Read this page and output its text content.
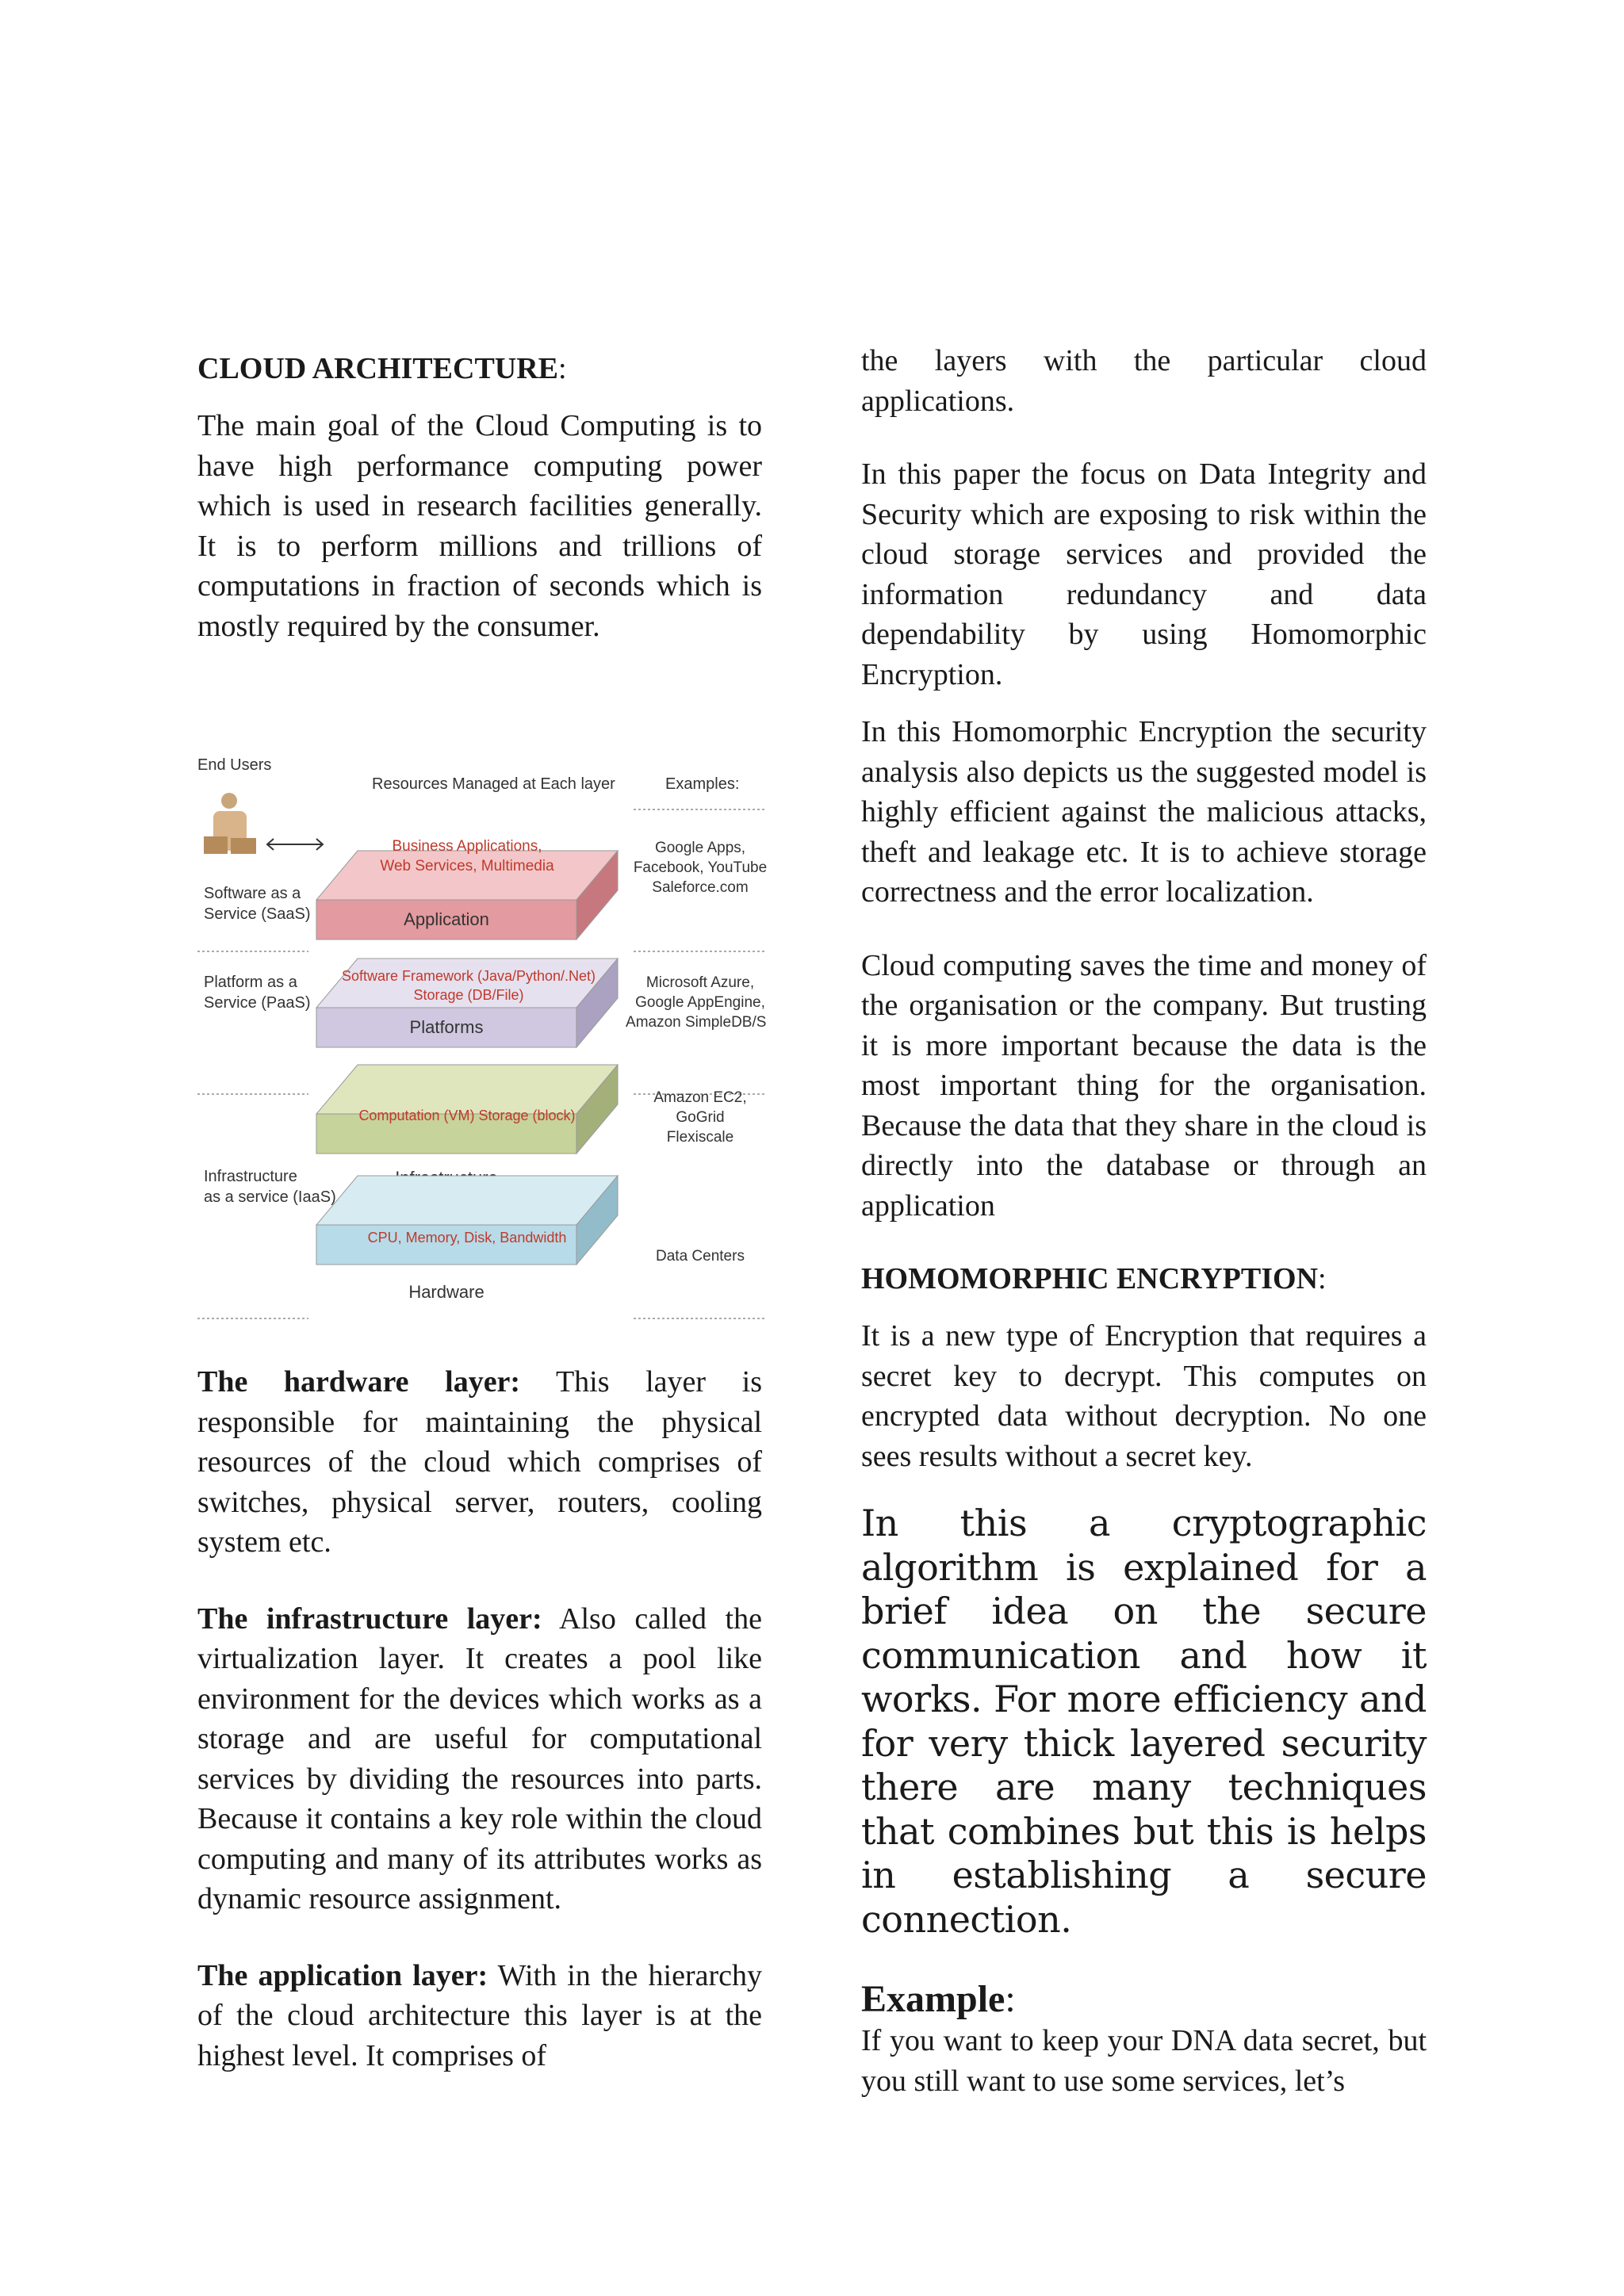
CLOUD ARCHITECTURE:

The main goal of the Cloud Computing is to have high performance computing power which is used in research facilities generally. It is to perform millions and trillions of computations in fraction of seconds which is mostly required by the consumer.

End Users
Resources Managed at Each layer	Examples:
Software as a
Service (SaaS)
Platform as a
Service (PaaS)
Infrastructure
as a service (IaaS)
Business Applications,
Web Services, Multimedia
Application
Google Apps,
Facebook, YouTube
Saleforce.com
Software Framework (Java/Python/.Net)
Storage (DB/File)
Platforms
Microsoft Azure,
Google AppEngine,
Amazon SimpleDB/S3
Computation (VM) Storage (block)
Amazon EC2,
GoGrid
Flexiscale
CPU, Memory, Disk, Bandwidth
Hardware
Data Centers

The hardware layer: This layer is responsible for maintaining the physical resources of the cloud which comprises of switches, physical server, routers, cooling system etc.

The infrastructure layer: Also called the virtualization layer. It creates a pool like environment for the devices which works as a storage and are useful for computational services by dividing the resources into parts. Because it contains a key role within the cloud computing and many of its attributes works as dynamic resource assignment.

The application layer: With in the hierarchy of the cloud architecture this layer is at the highest level. It comprises of

the layers with the particular cloud applications.

In this paper the focus on Data Integrity and Security which are exposing to risk within the cloud storage services and provided the information redundancy and data dependability by using Homomorphic Encryption.

In this Homomorphic Encryption the security analysis also depicts us the suggested model is highly efficient against the malicious attacks, theft and leakage etc. It is to achieve storage correctness and the error localization.

Cloud computing saves the time and money of the organisation or the company. But trusting it is more important because the data is the most important thing for the organisation. Because the data that they share in the cloud is directly into the database or through an application

HOMOMORPHIC ENCRYPTION:

It is a new type of Encryption that requires a secret key to decrypt. This computes on encrypted data without decryption. No one sees results without a secret key.

In this a cryptographic algorithm is explained for a brief idea on the secure communication and how it works. For more efficiency and for very thick layered security there are many techniques that combines but this is helps in establishing a secure connection.

Example:

If you want to keep your DNA data secret, but you still want to use some services, let’s
